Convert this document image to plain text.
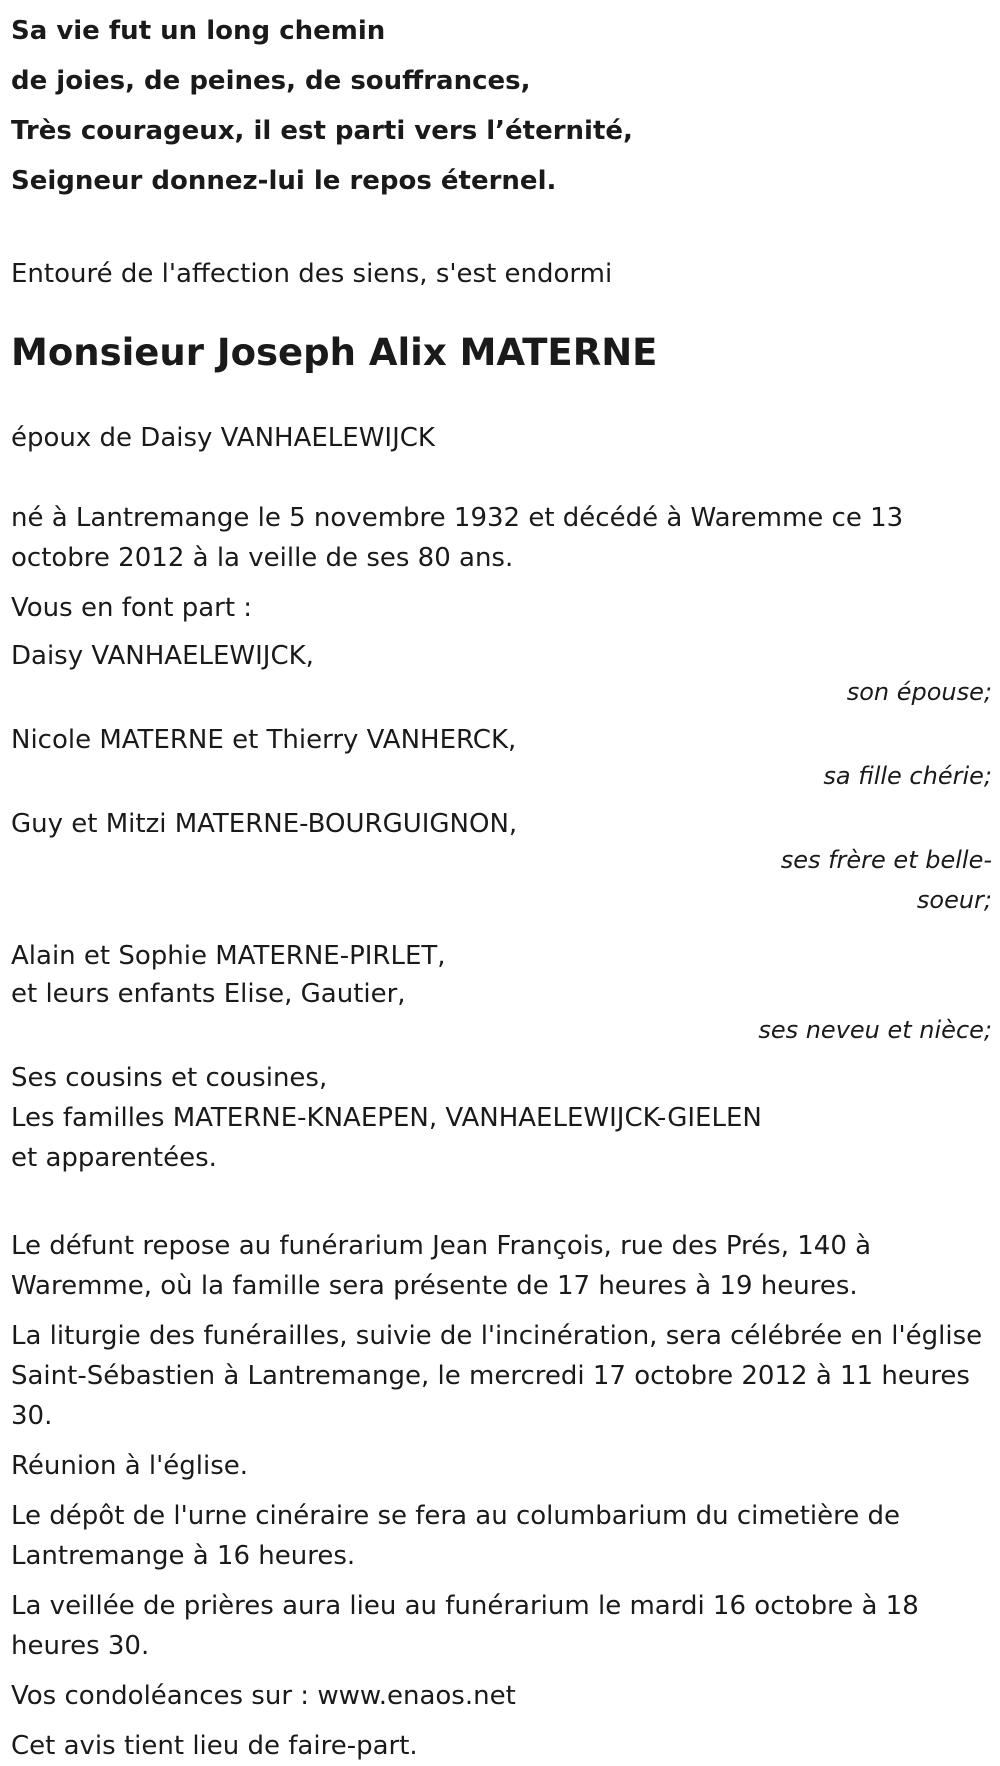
Sa vie fut un long chemin
de joies, de peines, de souffrances,
Très courageux, il est parti vers l’éternité,
Seigneur donnez-lui le repos éternel.
Entouré de l'affection des siens, s'est endormi
Monsieur Joseph Alix MATERNE
époux de Daisy VANHAELEWIJCK
né à Lantremange le 5 novembre 1932 et décédé à Waremme ce 13
octobre 2012 à la veille de ses 80 ans.
Vous en font part :
Daisy VANHAELEWIJCK,
son épouse;
Nicole MATERNE et Thierry VANHERCK,
sa fille chérie;
Guy et Mitzi MATERNE-BOURGUIGNON,
ses frère et belle-
soeur;
Alain et Sophie MATERNE-PIRLET,
et leurs enfants Elise, Gautier,
ses neveu et nièce;
Ses cousins et cousines,
Les familles MATERNE-KNAEPEN, VANHAELEWIJCK-GIELEN
et apparentées.
Le défunt repose au funérarium Jean François, rue des Prés, 140 à
Waremme, où la famille sera présente de 17 heures à 19 heures.
La liturgie des funérailles, suivie de l'incinération, sera célébrée en l'église
Saint-Sébastien à Lantremange, le mercredi 17 octobre 2012 à 11 heures
30.
Réunion à l'église.
Le dépôt de l'urne cinéraire se fera au columbarium du cimetière de
Lantremange à 16 heures.
La veillée de prières aura lieu au funérarium le mardi 16 octobre à 18
heures 30.
Vos condoléances sur : www.enaos.net
Cet avis tient lieu de faire-part.
